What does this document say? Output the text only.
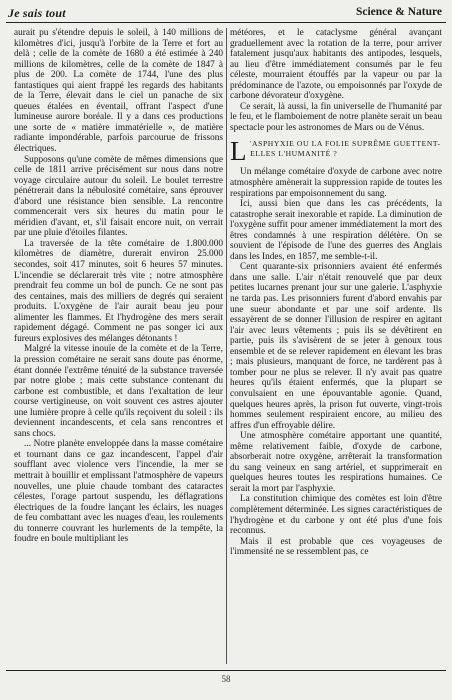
Je sais tout	Science & Nature

aurait pu s'étendre depuis le soleil, à 140 millions de kilomètres d'ici, jusqu'à l'orbite de la Terre et fort au delà ; celle de la comète de 1680 a été estimée à 240 millions de kilomètres, celle de la comète de 1847 à plus de 200. La comète de 1744, l'une des plus fantastiques qui aient frappé les regards des habitants de la Terre, élevait dans le ciel un panache de six queues étalées en éventail, offrant l'aspect d'une lumineuse aurore boréale. Il y a dans ces productions une sorte de « matière immatérielle », de matière radiante impondérable, parfois parcourue de frissons électriques.

Supposons qu'une comète de mêmes dimensions que celle de 1811 arrive précisément sur nous dans notre voyage circulaire autour du soleil. Le boulet terrestre pénétrerait dans la nébulosité cométaire, sans éprouver d'abord une résistance bien sensible. La rencontre commencerait vers six heures du matin pour le méridien d'avant, et, s'il faisait encore nuit, on verrait par une pluie d'étoiles filantes.

La traversée de la tête cométaire de 1.800.000 kilomètres de diamètre, durerait environ 25.000 secondes, soit 417 minutes, soit 6 heures 57 minutes. L'incendie se déclarerait très vite ; notre atmosphère prendrait feu comme un bol de punch. Ce ne sont pas des centaines, mais des milliers de degrés qui seraient produits. L'oxygène de l'air aurait beau jeu pour alimenter les flammes. Et l'hydrogène des mers serait rapidement dégagé. Comment ne pas songer ici aux fureurs explosives des mélanges détonants !

Malgré la vitesse inouïe de la comète et de la Terre, la pression cométaire ne serait sans doute pas énorme, étant donnée l'extrême ténuité de la substance traversée par notre globe ; mais cette substance contenant du carbone est combustible, et dans l'exaltation de leur course vertigineuse, on voit souvent ces astres ajouter une lumière propre à celle qu'ils reçoivent du soleil : ils deviennent incandescents, et cela sans rencontres et sans chocs.

... Notre planète enveloppée dans la masse cométaire et tournant dans ce gaz incandescent, l'appel d'air soufflant avec violence vers l'incendie, la mer se mettrait à bouillir et emplissant l'atmosphère de vapeurs nouvelles, une pluie chaude tombant des cataractes célestes, l'orage partout suspendu, les déflagrations électriques de la foudre lançant les éclairs, les nuages de feu combattant avec les nuages d'eau, les roulements du tonnerre couvrant les hurlements de la tempête, la foudre en boule multipliant les

météores, et le cataclysme général avançant graduellement avec la rotation de la terre, pour arriver fatalement jusqu'aux habitants des antipodes, lesquels, au lieu d'être immédiatement consumés par le feu céleste, mourraient étouffés par la vapeur ou par la prédominance de l'azote, ou empoisonnés par l'oxyde de carbone dévorateur d'oxygène.

Ce serait, là aussi, la fin universelle de l'humanité par le feu, et le flamboiement de notre planète serait un beau spectacle pour les astronomes de Mars ou de Vénus.

L 'ASPHYXIE OU LA FOLIE SUPRÊME GUETTENT-ELLES L'HUMANITÉ ?

Un mélange cométaire d'oxyde de carbone avec notre atmosphère amènerait la suppression rapide de toutes les respirations par empoisonnement du sang.

Ici, aussi bien que dans les cas précédents, la catastrophe serait inexorable et rapide. La diminution de l'oxygène suffit pour amener immédiatement la mort des êtres condamnés à une respiration délétère. On se souvient de l'épisode de l'une des guerres des Anglais dans les Indes, en 1857, me semble-t-il.

Cent quarante-six prisonniers avaient été enfermés dans une salle. L'air n'était renouvelé que par deux petites lucarnes prenant jour sur une galerie. L'asphyxie ne tarda pas. Les prisonniers furent d'abord envahis par une sueur abondante et par une soif ardente. Ils essayèrent de se donner l'illusion de respirer en agitant l'air avec leurs vêtements ; puis ils se dévêtirent en partie, puis ils s'avisèrent de se jeter à genoux tous ensemble et de se relever rapidement en élevant les bras ; mais plusieurs, manquant de force, ne tardèrent pas à tomber pour ne plus se relever. Il n'y avait pas quatre heures qu'ils étaient enfermés, que la plupart se convulsaient en une épouvantable agonie. Quand, quelques heures après, la prison fut ouverte, vingt-trois hommes seulement respiraient encore, au milieu des affres d'un effroyable délire.

Une atmosphère cométaire apportant une quantité, même relativement faible, d'oxyde de carbone, absorberait notre oxygène, arrêterait la transformation du sang veineux en sang artériel, et supprimerait en quelques heures toutes les respirations humaines. Ce serait la mort par l'asphyxie.

La constitution chimique des comètes est loin d'être complètement déterminée. Les signes caractéristiques de l'hydrogène et du carbone y ont été plus d'une fois reconnus.

Mais il est probable que ces voyageuses de l'immensité ne se ressemblent pas, ce

58
